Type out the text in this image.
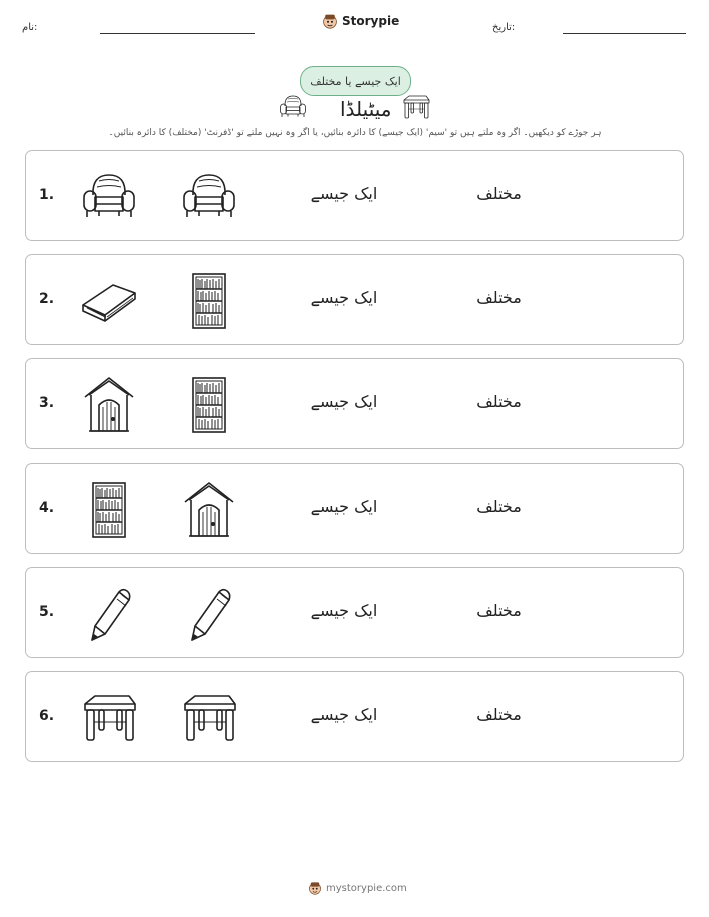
نام:	Storypie	تاریخ:
ایک جیسے یا مختلف
میٹیلڈا
ہر جوڑے کو دیکھیں۔ اگر وہ ملتے ہیں تو 'سیم' (ایک جیسے) کا دائرہ بنائیں، یا اگر وہ نہیں ملتے تو 'ڈفرنٹ' (مختلف) کا دائرہ بنائیں۔
1.	ایک جیسے	مختلف
2.	ایک جیسے	مختلف
3.	ایک جیسے	مختلف
4.	ایک جیسے	مختلف
5.	ایک جیسے	مختلف
6.	ایک جیسے	مختلف
mystorypie.com
